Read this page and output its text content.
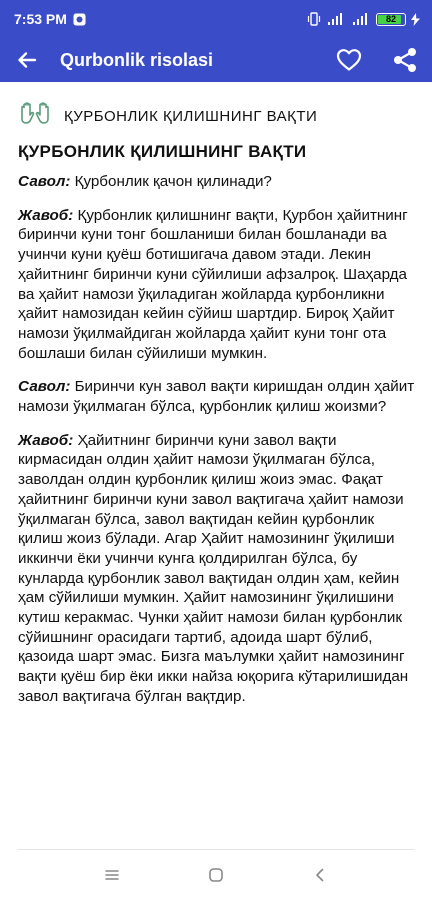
7:53 PM	82
Qurbonlik risolasi
ҚУРБОНЛИК ҚИЛИШНИНГ ВАҚТИ
ҚУРБОНЛИК ҚИЛИШНИНГ ВАҚТИ

Савол: Қурбонлик қачон қилинади?

Жавоб: Қурбонлик қилишнинг вақти, Қурбон ҳайитнинг биринчи куни тонг бошланиши билан бошланади ва учинчи куни қуёш ботишигача давом этади. Лекин ҳайитнинг биринчи куни сўйилиши афзалроқ. Шаҳарда ва ҳайит намози ўқиладиган жойларда қурбонликни ҳайит намозидан кейин сўйиш шартдир. Бироқ Ҳайит намози ўқилмайдиган жойларда ҳайит куни тонг ота бошлаши билан сўйилиши мумкин.

Савол: Биринчи кун завол вақти киришдан олдин ҳайит намози ўқилмаган бўлса, қурбонлик қилиш жоизми?

Жавоб: Ҳайитнинг биринчи куни завол вақти кирмасидан олдин ҳайит намози ўқилмаган бўлса, заволдан олдин қурбонлик қилиш жоиз эмас. Фақат ҳайитнинг биринчи куни завол вақтигача ҳайит намози ўқилмаган бўлса, завол вақтидан кейин қурбонлик қилиш жоиз бўлади. Агар Ҳайит намозининг ўқилиши иккинчи ёки учинчи кунга қолдирилган бўлса, бу кунларда қурбонлик завол вақтидан олдин ҳам, кейин ҳам сўйилиши мумкин. Ҳайит намозининг ўқилишини кутиш керакмас. Чунки ҳайит намози билан қурбонлик сўйишнинг орасидаги тартиб, адоида шарт бўлиб, қазоида шарт эмас. Бизга маълумки ҳайит намозининг вақти қуёш бир ёки икки найза юқорига кўтарилишидан завол вақтигача бўлган вақтдир.
